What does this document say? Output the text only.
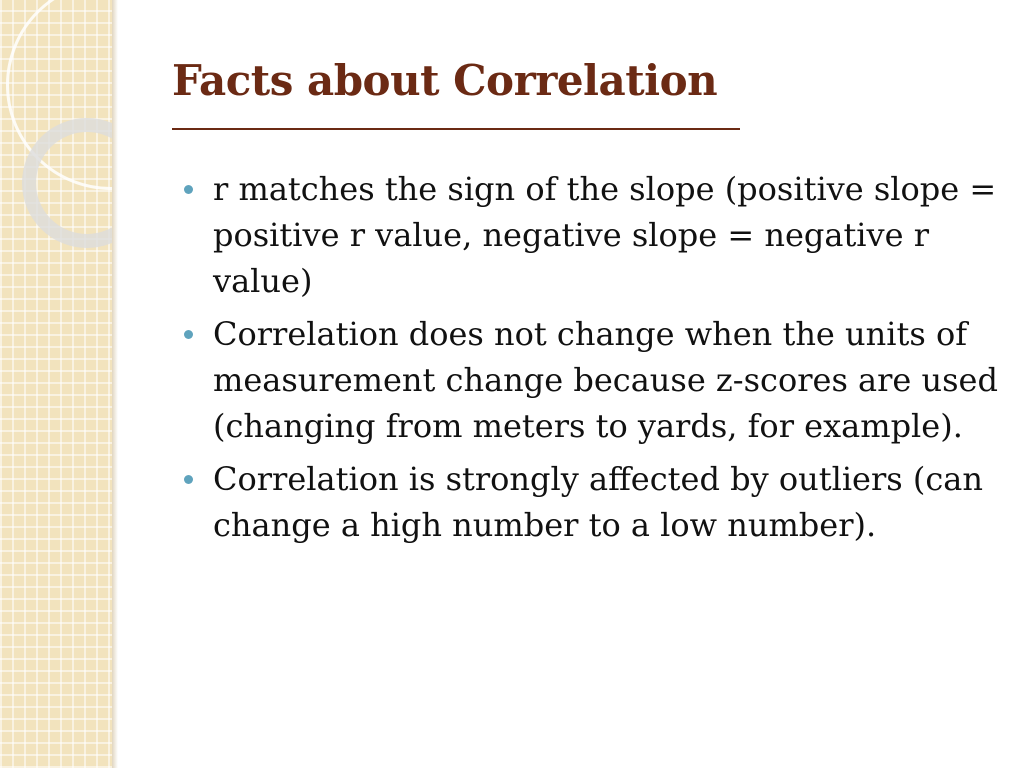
Facts about Correlation
r matches the sign of the slope (positive slope = positive r value, negative slope = negative r value)
Correlation does not change when the units of measurement change because z-scores are used (changing from meters to yards, for example).
Correlation is strongly affected by outliers (can change a high number to a low number).
